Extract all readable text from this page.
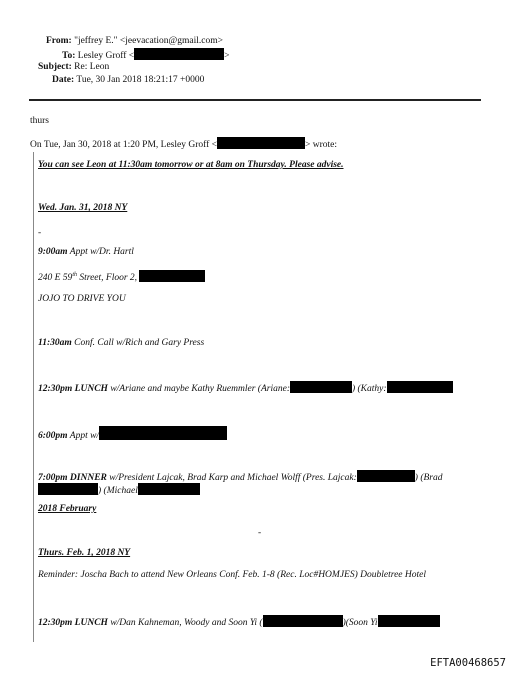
From: "jeffrey E." <jeevacation@gmail.com>
To: Lesley Groff <	>
Subject: Re: Leon
Date: Tue, 30 Jan 2018 18:21:17 +0000
thurs
On Tue, Jan 30, 2018 at 1:20 PM, Lesley Groff <	> wrote:
You can see Leon at 11:30am tomorrow or at 8am on Thursday. Please advise.
Wed. Jan. 31, 2018 NY
-
9:00am Appt w/Dr. Hartl
240 E 59th Street, Floor 2,
JOJO TO DRIVE YOU
11:30am Conf. Call w/Rich and Gary Press
12:30pm LUNCH w/Ariane and maybe Kathy Ruemmler (Ariane:	) (Kathy:
6:00pm Appt w/
7:00pm DINNER w/President Lajcak, Brad Karp and Michael Wolff (Pres. Lajcak:	) (Brad
) (Michael
2018 February
-
Thurs. Feb. 1, 2018 NY
Reminder: Joscha Bach to attend New Orleans Conf. Feb. 1-8 (Rec. Loc#HOMJES) Doubletree Hotel
12:30pm LUNCH w/Dan Kahneman, Woody and Soon Yi (	)(Soon Yi
EFTA00468657
